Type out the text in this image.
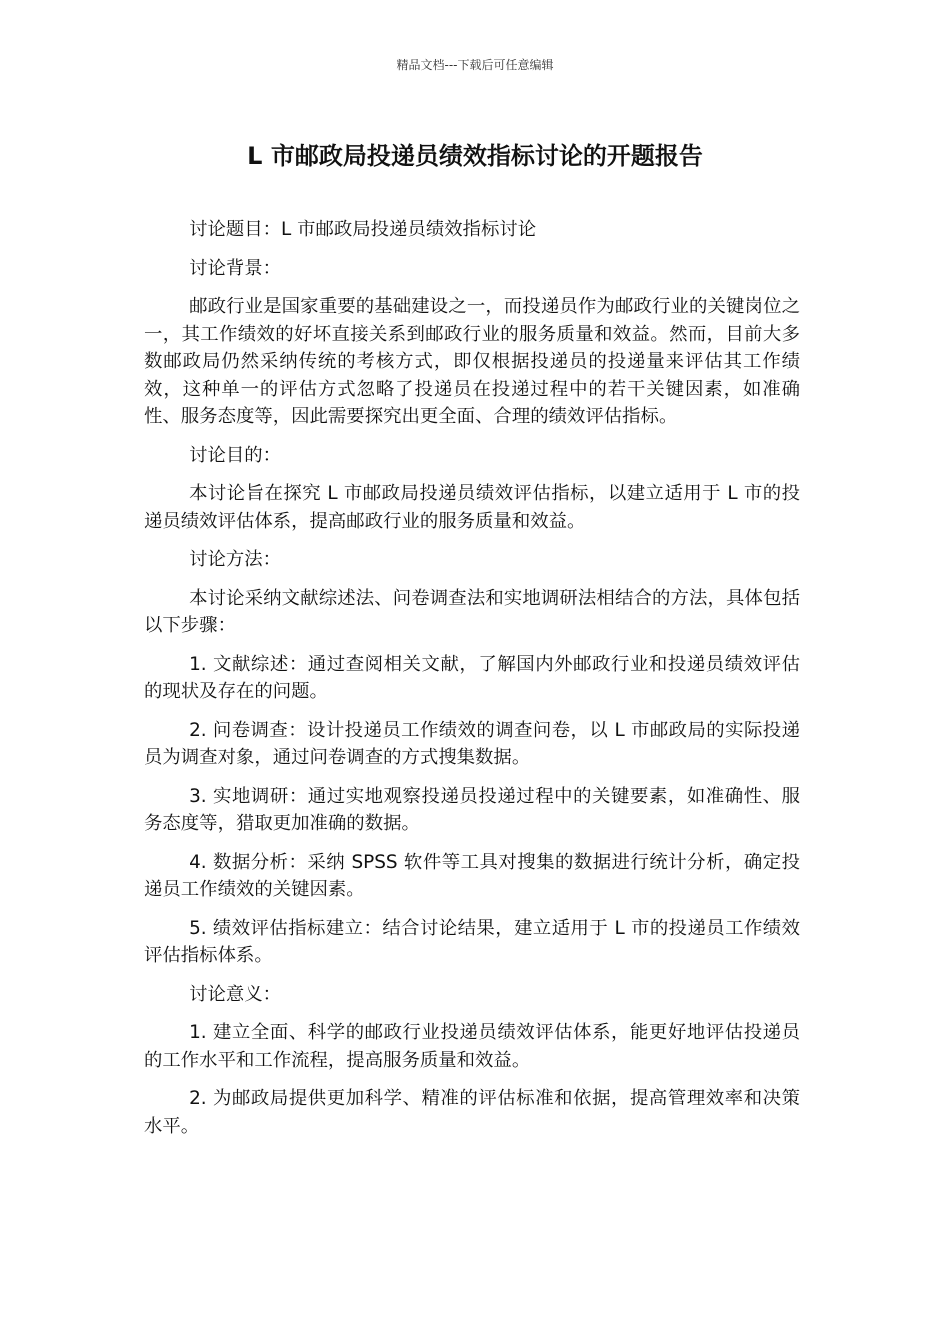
精品文档---下载后可任意编辑
L 市邮政局投递员绩效指标讨论的开题报告

讨论题目：L 市邮政局投递员绩效指标讨论

讨论背景：

邮政行业是国家重要的基础建设之一，而投递员作为邮政行业的关键岗位之一，其工作绩效的好坏直接关系到邮政行业的服务质量和效益。然而，目前大多数邮政局仍然采纳传统的考核方式，即仅根据投递员的投递量来评估其工作绩效，这种单一的评估方式忽略了投递员在投递过程中的若干关键因素，如准确性、服务态度等，因此需要探究出更全面、合理的绩效评估指标。

讨论目的：

本讨论旨在探究 L 市邮政局投递员绩效评估指标，以建立适用于 L 市的投递员绩效评估体系，提高邮政行业的服务质量和效益。

讨论方法：

本讨论采纳文献综述法、问卷调查法和实地调研法相结合的方法，具体包括以下步骤：

1. 文献综述：通过查阅相关文献，了解国内外邮政行业和投递员绩效评估的现状及存在的问题。

2. 问卷调查：设计投递员工作绩效的调查问卷，以 L 市邮政局的实际投递员为调查对象，通过问卷调查的方式搜集数据。

3. 实地调研：通过实地观察投递员投递过程中的关键要素，如准确性、服务态度等，猎取更加准确的数据。

4. 数据分析：采纳 SPSS 软件等工具对搜集的数据进行统计分析，确定投递员工作绩效的关键因素。

5. 绩效评估指标建立：结合讨论结果，建立适用于 L 市的投递员工作绩效评估指标体系。

讨论意义：

1. 建立全面、科学的邮政行业投递员绩效评估体系，能更好地评估投递员的工作水平和工作流程，提高服务质量和效益。

2. 为邮政局提供更加科学、精准的评估标准和依据，提高管理效率和决策水平。
